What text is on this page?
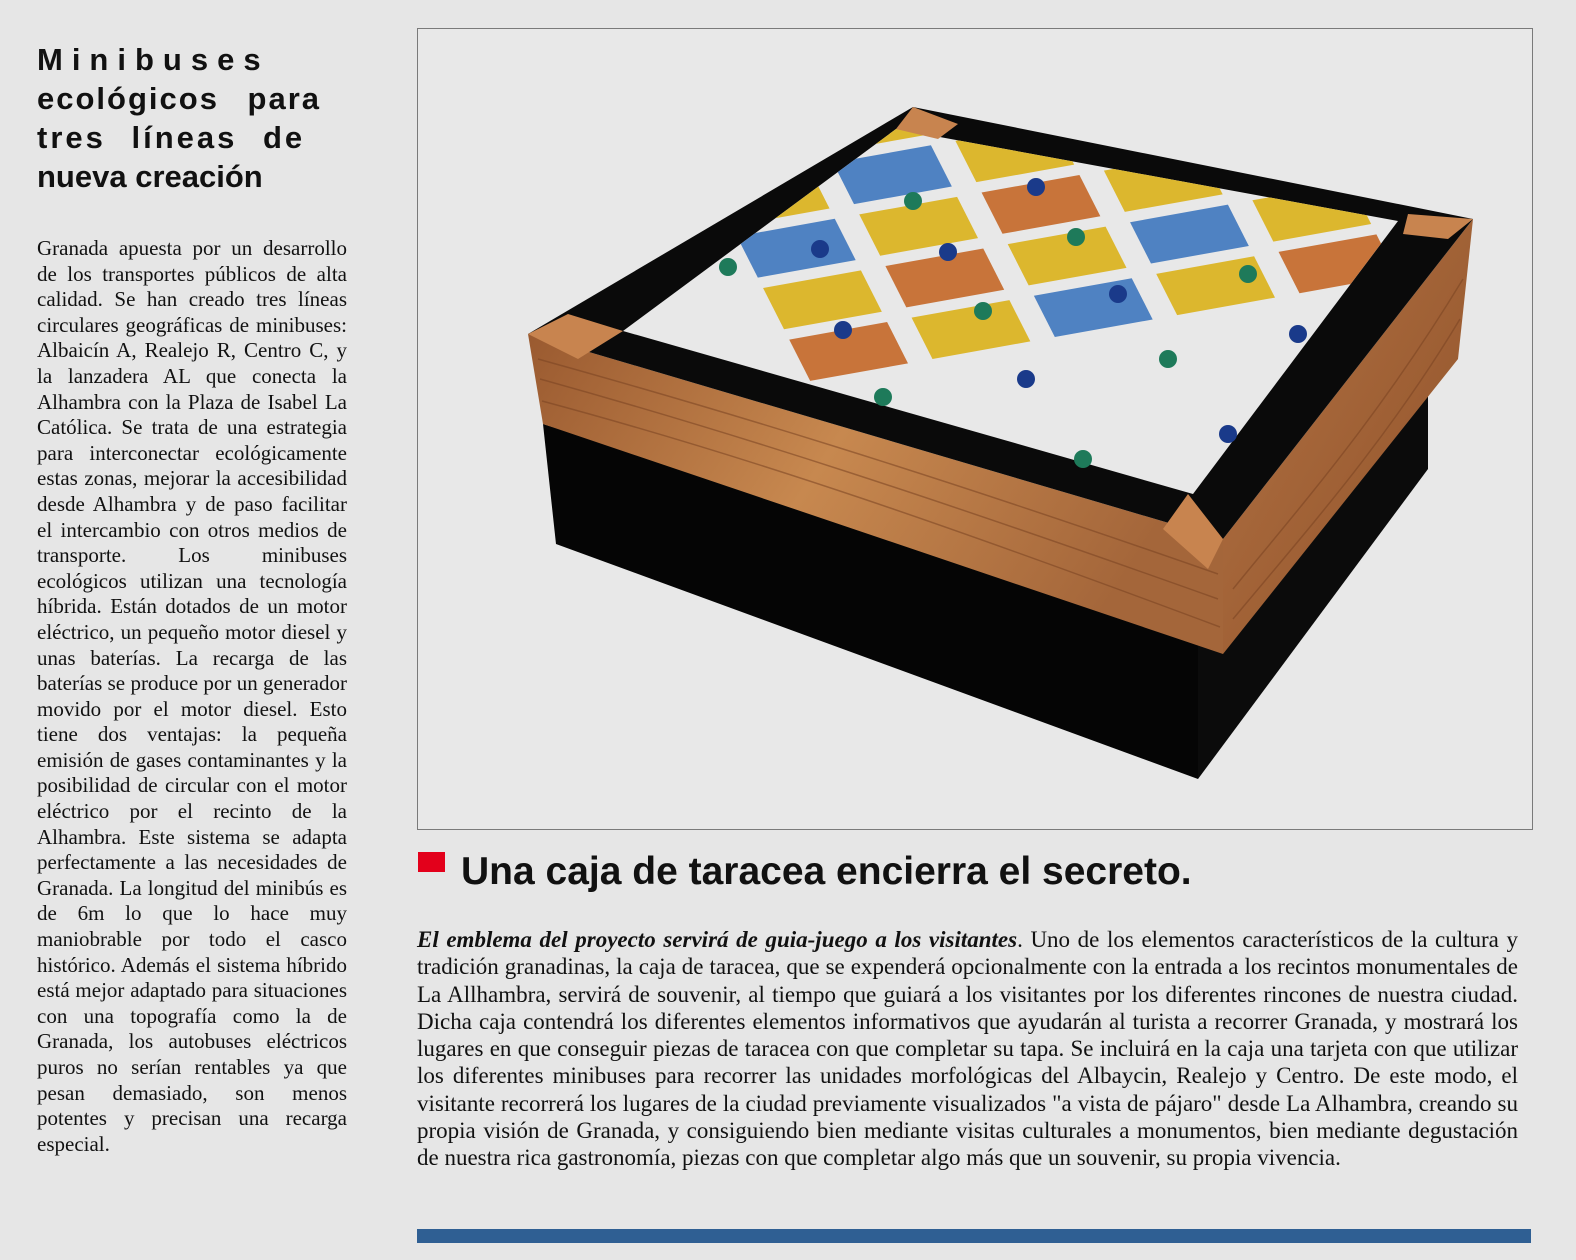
Minibuses
ecológicos para
tres líneas de
nueva creación

Granada apuesta por un desarrollo de los transportes públicos de alta calidad. Se han creado tres líneas circulares geográficas de minibuses: Albaicín A, Realejo R, Centro C, y la lanzadera AL que conecta la Alhambra con la Plaza de Isabel La Católica. Se trata de una estrategia para interconectar ecológicamente estas zonas, mejorar la accesibilidad desde Alhambra y de paso facilitar el intercambio con otros medios de transporte. Los minibuses ecológicos utilizan una tecnología híbrida. Están dotados de un motor eléctrico, un pequeño motor diesel y unas baterías. La recarga de las baterías se produce por un generador movido por el motor diesel. Esto tiene dos ventajas: la pequeña emisión de gases contaminantes y la posibilidad de circular con el motor eléctrico por el recinto de la Alhambra. Este sistema se adapta perfectamente a las necesidades de Granada. La longitud del minibús es de 6m lo que lo hace muy maniobrable por todo el casco histórico. Además el sistema híbrido está mejor adaptado para situaciones con una topografía como la de Granada, los autobuses eléctricos puros no serían rentables ya que pesan demasiado, son menos potentes y precisan una recarga especial.

Una caja de taracea encierra el secreto.

El emblema del proyecto servirá de guia-juego a los visitantes. Uno de los elementos característicos de la cultura y tradición granadinas, la caja de taracea, que se expenderá opcionalmente con la entrada a los recintos monumentales de La Allhambra, servirá de souvenir, al tiempo que guiará a los visitantes por los diferentes rincones de nuestra ciudad. Dicha caja contendrá los diferentes elementos informativos que ayudarán al turista a recorrer Granada, y mostrará los lugares en que conseguir piezas de taracea con que completar su tapa. Se incluirá en la caja una tarjeta con que utilizar los diferentes minibuses para recorrer las unidades morfológicas del Albaycin, Realejo y Centro. De este modo, el visitante recorrerá los lugares de la ciudad previamente visualizados "a vista de pájaro" desde La Alhambra, creando su propia visión de Granada, y consiguiendo bien mediante visitas culturales a monumentos, bien mediante degustación de nuestra rica gastronomía, piezas con que completar algo más que un souvenir, su propia vivencia.
